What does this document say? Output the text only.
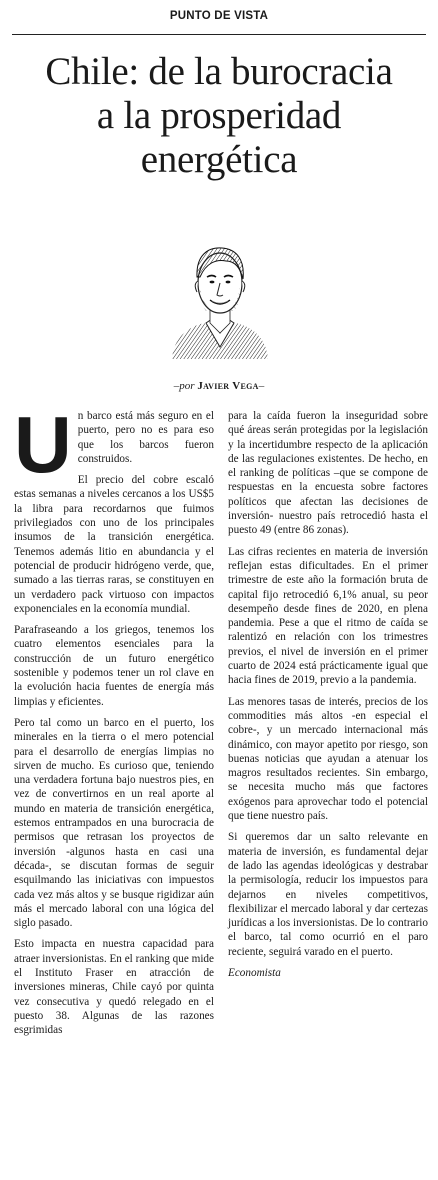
PUNTO DE VISTA
Chile: de la burocracia
a la prosperidad
energética
–por Javier Vega–

Un barco está más seguro en el puerto, pero no es para eso que los barcos fueron construidos.

El precio del cobre escaló estas semanas a niveles cercanos a los US$5 la libra para recordarnos que fuimos privilegiados con uno de los principales insumos de la transición energética. Tenemos además litio en abundancia y el potencial de producir hidrógeno verde, que, sumado a las tierras raras, se constituyen en un verdadero pack virtuoso con impactos exponenciales en la economía mundial.

Parafraseando a los griegos, tenemos los cuatro elementos esenciales para la construcción de un futuro energético sostenible y podemos tener un rol clave en la evolución hacia fuentes de energía más limpias y eficientes.

Pero tal como un barco en el puerto, los minerales en la tierra o el mero potencial para el desarrollo de energías limpias no sirven de mucho. Es curioso que, teniendo una verdadera fortuna bajo nuestros pies, en vez de convertirnos en un real aporte al mundo en materia de transición energética, estemos entrampados en una burocracia de permisos que retrasan los proyectos de inversión -algunos hasta en casi una década-, se discutan formas de seguir esquilmando las iniciativas con impuestos cada vez más altos y se busque rigidizar aún más el mercado laboral con una lógica del siglo pasado.

Esto impacta en nuestra capacidad para atraer inversionistas. En el ranking que mide el Instituto Fraser en atracción de inversiones mineras, Chile cayó por quinta vez consecutiva y quedó relegado en el puesto 38. Algunas de las razones esgrimidas

para la caída fueron la inseguridad sobre qué áreas serán protegidas por la legislación y la incertidumbre respecto de la aplicación de las regulaciones existentes. De hecho, en el ranking de políticas –que se compone de respuestas en la encuesta sobre factores políticos que afectan las decisiones de inversión- nuestro país retrocedió hasta el puesto 49 (entre 86 zonas).

Las cifras recientes en materia de inversión reflejan estas dificultades. En el primer trimestre de este año la formación bruta de capital fijo retrocedió 6,1% anual, su peor desempeño desde fines de 2020, en plena pandemia. Pese a que el ritmo de caída se ralentizó en relación con los trimestres previos, el nivel de inversión en el primer cuarto de 2024 está prácticamente igual que hacia fines de 2019, previo a la pandemia.

Las menores tasas de interés, precios de los commodities más altos -en especial el cobre-, y un mercado internacional más dinámico, con mayor apetito por riesgo, son buenas noticias que ayudan a atenuar los magros resultados recientes. Sin embargo, se necesita mucho más que factores exógenos para aprovechar todo el potencial que tiene nuestro país.

Si queremos dar un salto relevante en materia de inversión, es fundamental dejar de lado las agendas ideológicas y destrabar la permisología, reducir los impuestos para dejarnos en niveles competitivos, flexibilizar el mercado laboral y dar certezas jurídicas a los inversionistas. De lo contrario el barco, tal como ocurrió en el paro reciente, seguirá varado en el puerto.

Economista
